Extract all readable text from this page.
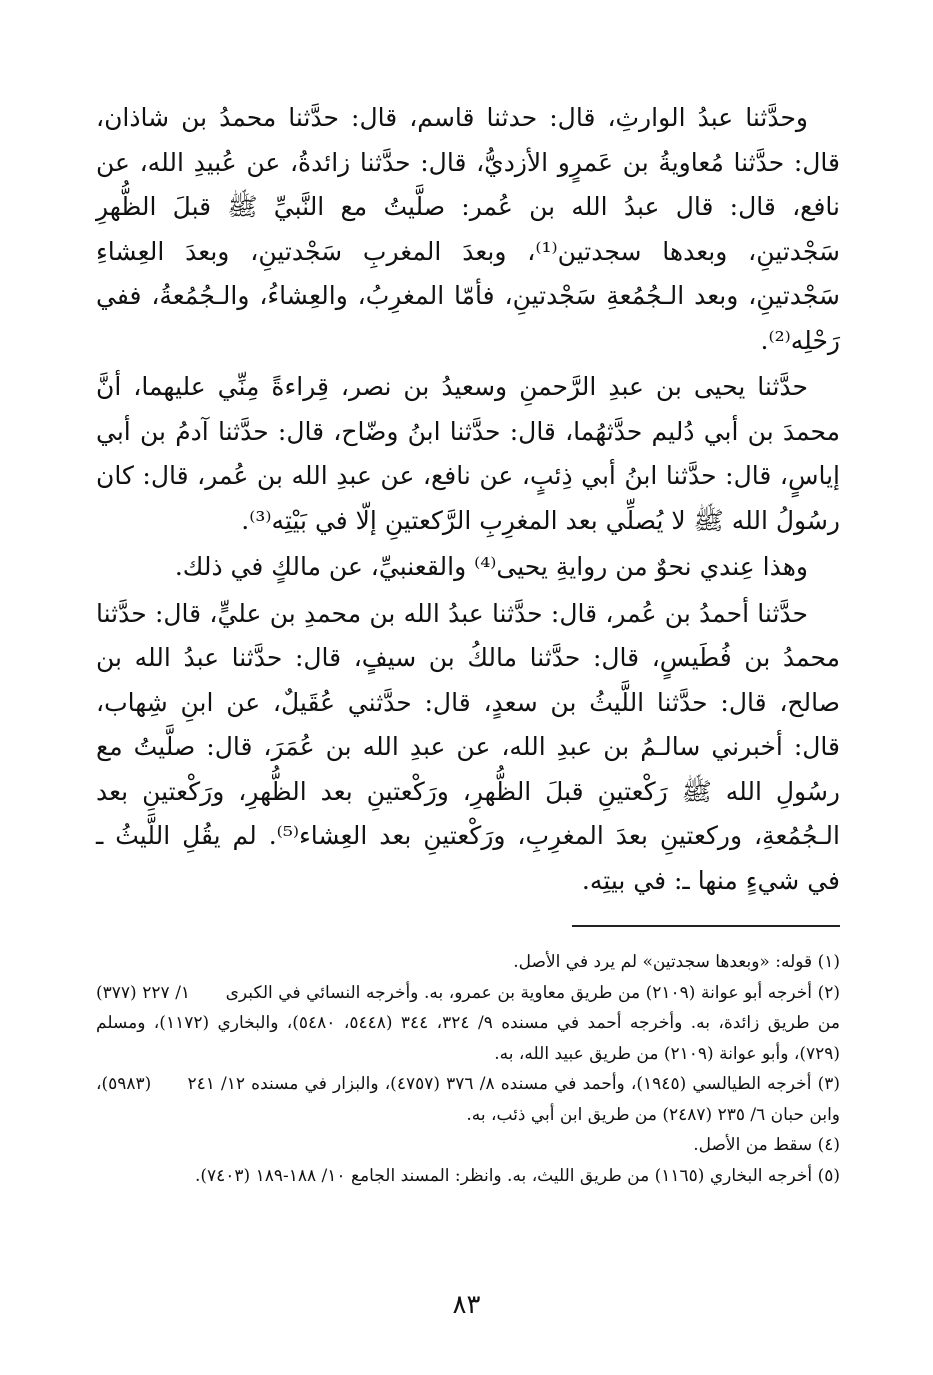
وحدَّثنا عبدُ الوارثِ، قال: حدثنا قاسم، قال: حدَّثنا محمدُ بن شاذان، قال: حدَّثنا مُعاويةُ بن عَمرٍو الأزديُّ، قال: حدَّثنا زائدةُ، عن عُبيدِ الله، عن نافع، قال: قال عبدُ الله بن عُمر: صلَّيتُ مع النَّبيِّ ﷺ قبلَ الظُّهرِ سَجْدتينِ، وبعدها سجدتين⁽¹⁾، وبعدَ المغربِ سَجْدتينِ، وبعدَ العِشاءِ سَجْدتينِ، وبعد الـجُمُعةِ سَجْدتينِ، فأمّا المغرِبُ، والعِشاءُ، والـجُمُعةُ، ففي رَحْلِه⁽²⁾.

حدَّثنا يحيى بن عبدِ الرَّحمنِ وسعيدُ بن نصر، قِراءةً مِنِّي عليهما، أنَّ محمدَ بن أبي دُليم حدَّثهُما، قال: حدَّثنا ابنُ وضّاح، قال: حدَّثنا آدمُ بن أبي إياسٍ، قال: حدَّثنا ابنُ أبي ذِئبٍ، عن نافع، عن عبدِ الله بن عُمر، قال: كان رسُولُ الله ﷺ لا يُصلِّي بعد المغرِبِ الرَّكعتينِ إلّا في بَيْتِه⁽³⁾.

وهذا عِندي نحوٌ من روايةِ يحيى⁽⁴⁾ والقعنبيِّ، عن مالكٍ في ذلك.

حدَّثنا أحمدُ بن عُمر، قال: حدَّثنا عبدُ الله بن محمدِ بن عليٍّ، قال: حدَّثنا محمدُ بن فُطَيسٍ، قال: حدَّثنا مالكُ بن سيفٍ، قال: حدَّثنا عبدُ الله بن صالح، قال: حدَّثنا اللَّيثُ بن سعدٍ، قال: حدَّثني عُقَيلٌ، عن ابنِ شِهاب، قال: أخبرني سالـمُ بن عبدِ الله، عن عبدِ الله بن عُمَرَ، قال: صلَّيتُ مع رسُولِ الله ﷺ رَكْعتينِ قبلَ الظُّهرِ، ورَكْعتينِ بعد الظُّهرِ، ورَكْعتينِ بعد الـجُمُعةِ، وركعتينِ بعدَ المغرِبِ، ورَكْعتينِ بعد العِشاء⁽⁵⁾. لم يقُلِ اللَّيثُ ـ في شيءٍ منها ـ: في بيتِه.

(١) قوله: «وبعدها سجدتين» لم يرد في الأصل.

(٢) أخرجه أبو عوانة (٢١٠٩) من طريق معاوية بن عمرو، به. وأخرجه النسائي في الكبرى ١/ ٢٢٧ (٣٧٧) من طريق زائدة، به. وأخرجه أحمد في مسنده ٩/ ٣٢٤، ٣٤٤ (٥٤٤٨، ٥٤٨٠)، والبخاري (١١٧٢)، ومسلم (٧٢٩)، وأبو عوانة (٢١٠٩) من طريق عبيد الله، به.

(٣) أخرجه الطيالسي (١٩٤٥)، وأحمد في مسنده ٨/ ٣٧٦ (٤٧٥٧)، والبزار في مسنده ١٢/ ٢٤١ (٥٩٨٣)، وابن حبان ٦/ ٢٣٥ (٢٤٨٧) من طريق ابن أبي ذئب، به.

(٤) سقط من الأصل.

(٥) أخرجه البخاري (١١٦٥) من طريق الليث، به. وانظر: المسند الجامع ١٠/ ١٨٨-١٨٩ (٧٤٠٣).

٨٣
